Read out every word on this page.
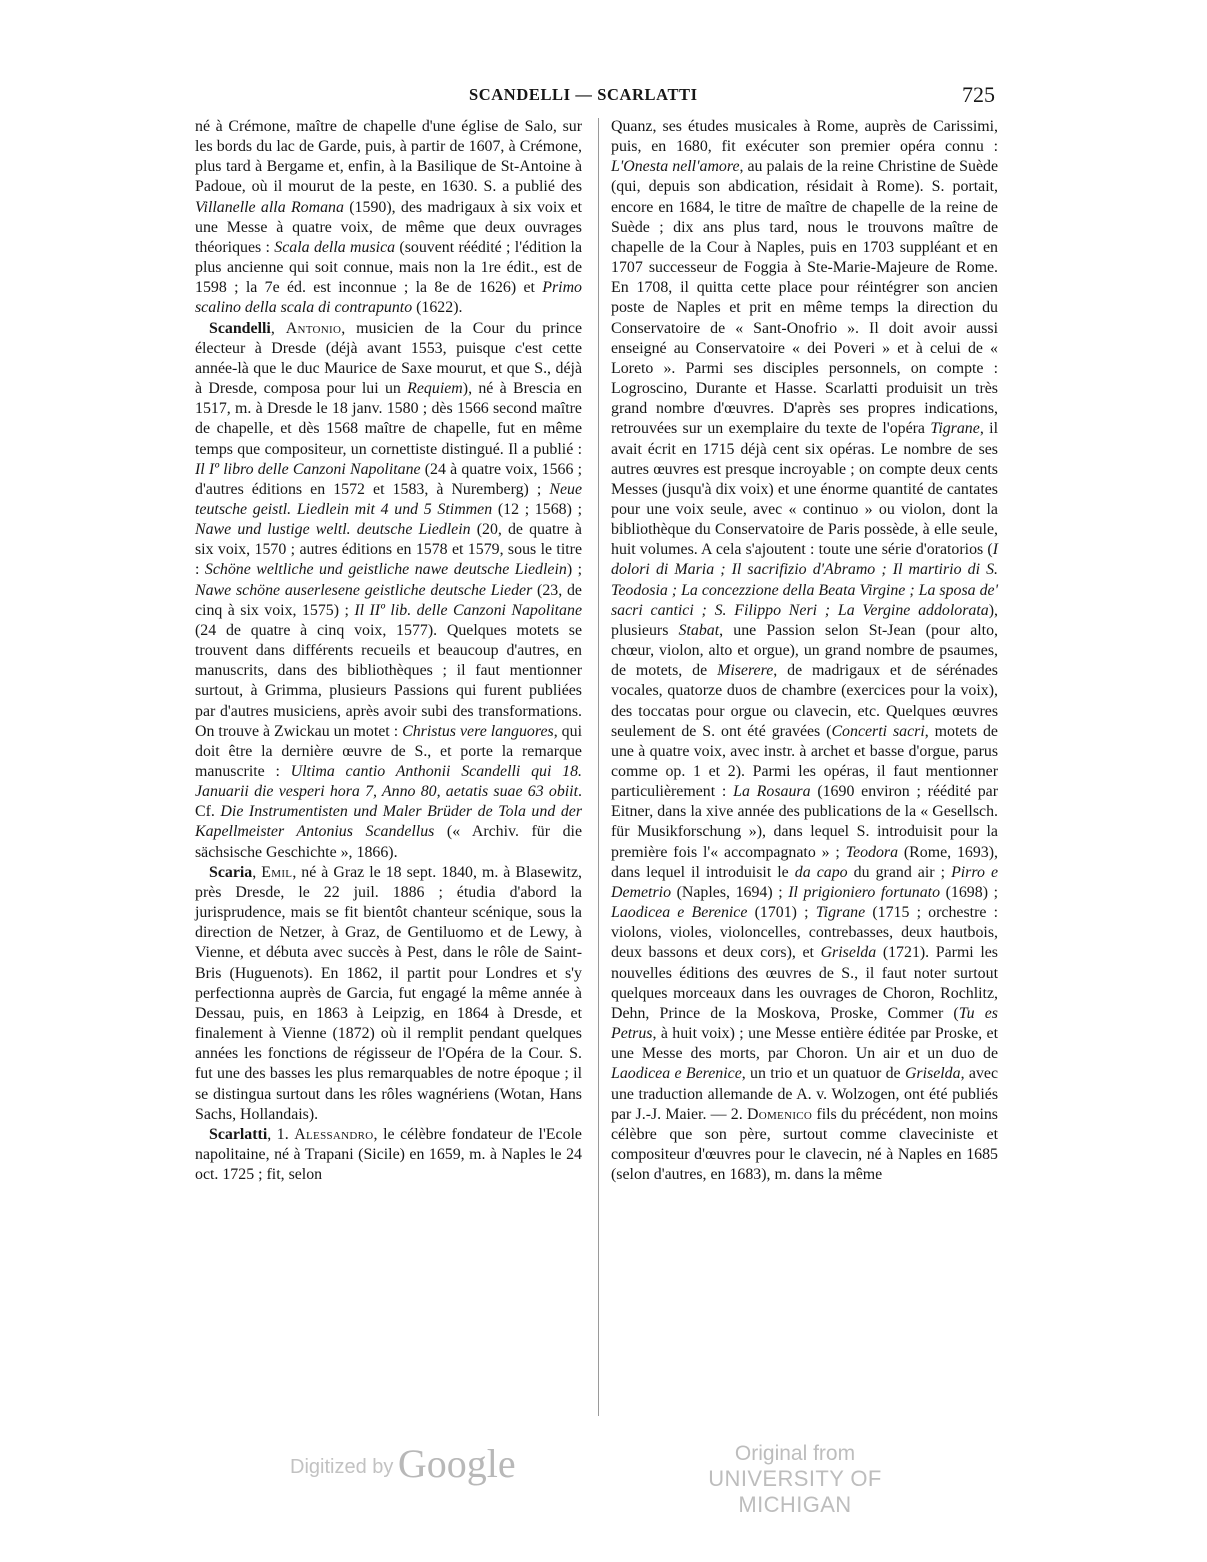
SCANDELLI — SCARLATTI	725

né à Crémone, maître de chapelle d'une église de Salo, sur les bords du lac de Garde, puis, à partir de 1607, à Crémone, plus tard à Bergame et, enfin, à la Basilique de St-Antoine à Padoue, où il mourut de la peste, en 1630. S. a publié des Villanelle alla Romana (1590), des madrigaux à six voix et une Messe à quatre voix, de même que deux ouvrages théoriques : Scala della musica (souvent réédité ; l'édition la plus ancienne qui soit connue, mais non la 1re édit., est de 1598 ; la 7e éd. est inconnue ; la 8e de 1626) et Primo scalino della scala di contrapunto (1622).

Scandelli, Antonio, musicien de la Cour du prince électeur à Dresde (déjà avant 1553, puisque c'est cette année-là que le duc Maurice de Saxe mourut, et que S., déjà à Dresde, composa pour lui un Requiem), né à Brescia en 1517, m. à Dresde le 18 janv. 1580 ; dès 1566 second maître de chapelle, et dès 1568 maître de chapelle, fut en même temps que compositeur, un cornettiste distingué. Il a publié : Il Iº libro delle Canzoni Napolitane (24 à quatre voix, 1566 ; d'autres éditions en 1572 et 1583, à Nuremberg) ; Neue teutsche geistl. Liedlein mit 4 und 5 Stimmen (12 ; 1568) ; Nawe und lustige weltl. deutsche Liedlein (20, de quatre à six voix, 1570 ; autres éditions en 1578 et 1579, sous le titre : Schöne weltliche und geistliche nawe deutsche Liedlein) ; Nawe schöne auserlesene geistliche deutsche Lieder (23, de cinq à six voix, 1575) ; Il IIº lib. delle Canzoni Napolitane (24 de quatre à cinq voix, 1577). Quelques motets se trouvent dans différents recueils et beaucoup d'autres, en manuscrits, dans des bibliothèques ; il faut mentionner surtout, à Grimma, plusieurs Passions qui furent publiées par d'autres musiciens, après avoir subi des transformations. On trouve à Zwickau un motet : Christus vere languores, qui doit être la dernière œuvre de S., et porte la remarque manuscrite : Ultima cantio Anthonii Scandelli qui 18. Januarii die vesperi hora 7, Anno 80, aetatis suae 63 obiit. Cf. Die Instrumentisten und Maler Brüder de Tola und der Kapellmeister Antonius Scandellus (« Archiv. für die sächsische Geschichte », 1866).

Scaria, Emil, né à Graz le 18 sept. 1840, m. à Blasewitz, près Dresde, le 22 juil. 1886 ; étudia d'abord la jurisprudence, mais se fit bientôt chanteur scénique, sous la direction de Netzer, à Graz, de Gentiluomo et de Lewy, à Vienne, et débuta avec succès à Pest, dans le rôle de Saint-Bris (Huguenots). En 1862, il partit pour Londres et s'y perfectionna auprès de Garcia, fut engagé la même année à Dessau, puis, en 1863 à Leipzig, en 1864 à Dresde, et finalement à Vienne (1872) où il remplit pendant quelques années les fonctions de régisseur de l'Opéra de la Cour. S. fut une des basses les plus remarquables de notre époque ; il se distingua surtout dans les rôles wagnériens (Wotan, Hans Sachs, Hollandais).

Scarlatti, 1. Alessandro, le célèbre fondateur de l'Ecole napolitaine, né à Trapani (Sicile) en 1659, m. à Naples le 24 oct. 1725 ; fit, selon

Quanz, ses études musicales à Rome, auprès de Carissimi, puis, en 1680, fit exécuter son premier opéra connu : L'Onesta nell'amore, au palais de la reine Christine de Suède (qui, depuis son abdication, résidait à Rome). S. portait, encore en 1684, le titre de maître de chapelle de la reine de Suède ; dix ans plus tard, nous le trouvons maître de chapelle de la Cour à Naples, puis en 1703 suppléant et en 1707 successeur de Foggia à Ste-Marie-Majeure de Rome. En 1708, il quitta cette place pour réintégrer son ancien poste de Naples et prit en même temps la direction du Conservatoire de « Sant-Onofrio ». Il doit avoir aussi enseigné au Conservatoire « dei Poveri » et à celui de « Loreto ». Parmi ses disciples personnels, on compte : Logroscino, Durante et Hasse. Scarlatti produisit un très grand nombre d'œuvres. D'après ses propres indications, retrouvées sur un exemplaire du texte de l'opéra Tigrane, il avait écrit en 1715 déjà cent six opéras. Le nombre de ses autres œuvres est presque incroyable ; on compte deux cents Messes (jusqu'à dix voix) et une énorme quantité de cantates pour une voix seule, avec « continuo » ou violon, dont la bibliothèque du Conservatoire de Paris possède, à elle seule, huit volumes. A cela s'ajoutent : toute une série d'oratorios (I dolori di Maria ; Il sacrifizio d'Abramo ; Il martirio di S. Teodosia ; La concezzione della Beata Virgine ; La sposa de' sacri cantici ; S. Filippo Neri ; La Vergine addolorata), plusieurs Stabat, une Passion selon St-Jean (pour alto, chœur, violon, alto et orgue), un grand nombre de psaumes, de motets, de Miserere, de madrigaux et de sérénades vocales, quatorze duos de chambre (exercices pour la voix), des toccatas pour orgue ou clavecin, etc. Quelques œuvres seulement de S. ont été gravées (Concerti sacri, motets de une à quatre voix, avec instr. à archet et basse d'orgue, parus comme op. 1 et 2). Parmi les opéras, il faut mentionner particulièrement : La Rosaura (1690 environ ; réédité par Eitner, dans la xive année des publications de la « Gesellsch. für Musikforschung »), dans lequel S. introduisit pour la première fois l'« accompagnato » ; Teodora (Rome, 1693), dans lequel il introduisit le da capo du grand air ; Pirro e Demetrio (Naples, 1694) ; Il prigioniero fortunato (1698) ; Laodicea e Berenice (1701) ; Tigrane (1715 ; orchestre : violons, violes, violoncelles, contrebasses, deux hautbois, deux bassons et deux cors), et Griselda (1721). Parmi les nouvelles éditions des œuvres de S., il faut noter surtout quelques morceaux dans les ouvrages de Choron, Rochlitz, Dehn, Prince de la Moskova, Proske, Commer (Tu es Petrus, à huit voix) ; une Messe entière éditée par Proske, et une Messe des morts, par Choron. Un air et un duo de Laodicea e Berenice, un trio et un quatuor de Griselda, avec une traduction allemande de A. v. Wolzogen, ont été publiés par J.-J. Maier. — 2. Domenico fils du précédent, non moins célèbre que son père, surtout comme claveciniste et compositeur d'œuvres pour le clavecin, né à Naples en 1685 (selon d'autres, en 1683), m. dans la même

Digitized by Google	Original from
UNIVERSITY OF MICHIGAN
